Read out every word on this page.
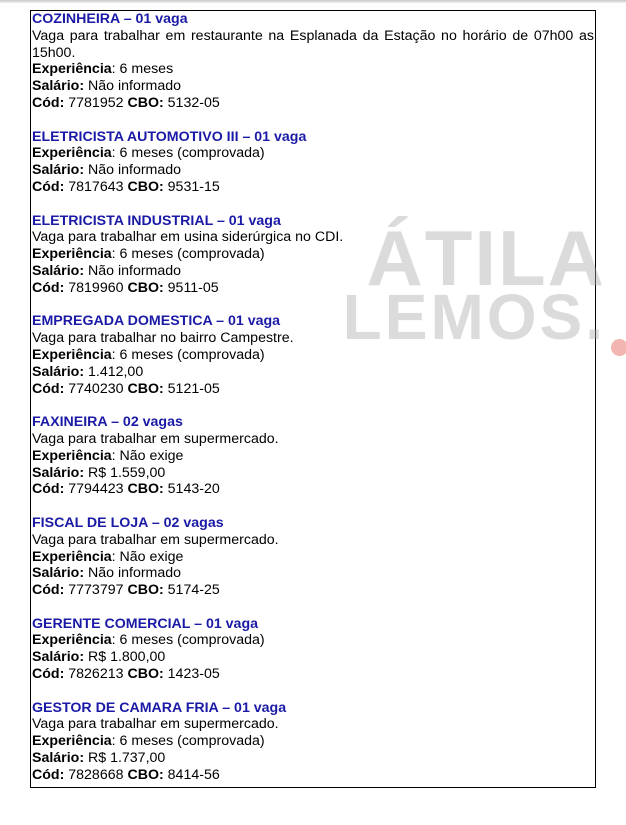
ÁTILA
LEMOS.

COZINHEIRA – 01 vaga

Vaga para trabalhar em restaurante na Esplanada da Estação no horário de 07h00 as 15h00.

Experiência: 6 meses

Salário: Não informado

Cód: 7781952 CBO: 5132-05

ELETRICISTA AUTOMOTIVO III – 01 vaga

Experiência: 6 meses (comprovada)

Salário: Não informado

Cód: 7817643 CBO: 9531-15

ELETRICISTA INDUSTRIAL – 01 vaga

Vaga para trabalhar em usina siderúrgica no CDI.

Experiência: 6 meses (comprovada)

Salário: Não informado

Cód: 7819960 CBO: 9511-05

EMPREGADA DOMESTICA – 01 vaga

Vaga para trabalhar no bairro Campestre.

Experiência: 6 meses (comprovada)

Salário: 1.412,00

Cód: 7740230 CBO: 5121-05

FAXINEIRA – 02 vagas

Vaga para trabalhar em supermercado.

Experiência: Não exige

Salário: R$ 1.559,00

Cód: 7794423 CBO: 5143-20

FISCAL DE LOJA – 02 vagas

Vaga para trabalhar em supermercado.

Experiência: Não exige

Salário: Não informado

Cód: 7773797 CBO: 5174-25

GERENTE COMERCIAL – 01 vaga

Experiência: 6 meses (comprovada)

Salário: R$ 1.800,00

Cód: 7826213 CBO: 1423-05

GESTOR DE CAMARA FRIA – 01 vaga

Vaga para trabalhar em supermercado.

Experiência: 6 meses (comprovada)

Salário: R$ 1.737,00

Cód: 7828668 CBO: 8414-56
